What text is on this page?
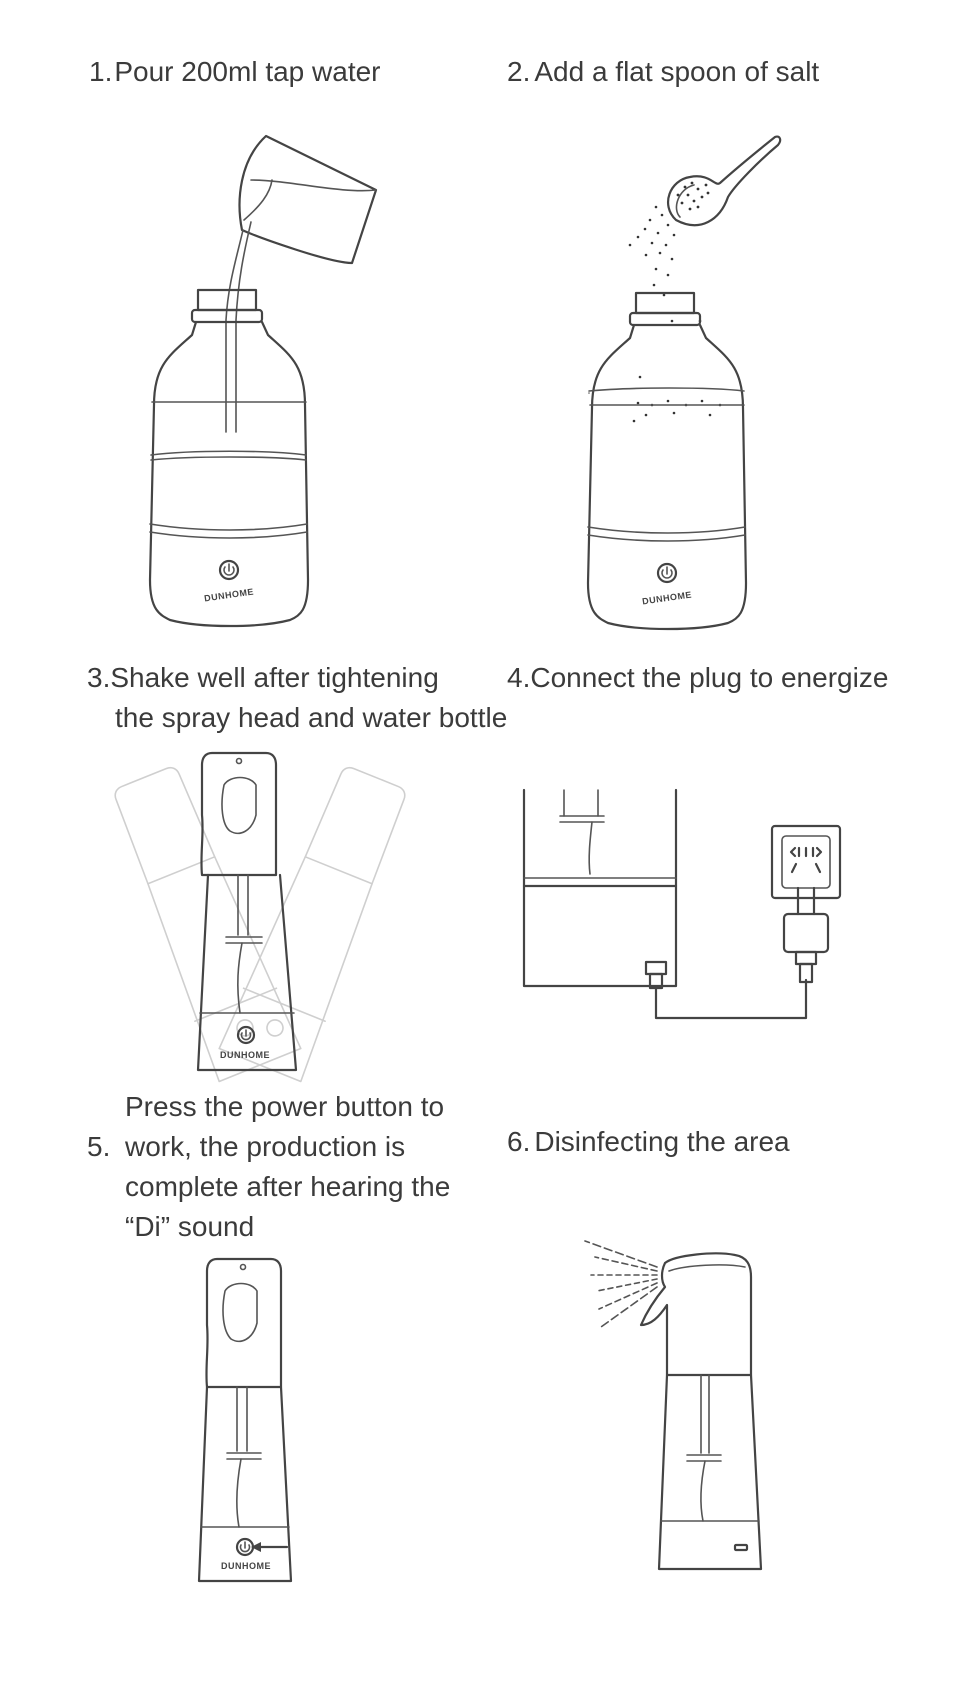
1.Pour 200ml tap water
DUNHOME
2. Add a flat spoon of salt
DUNHOME
3.Shake well after tightening
the spray head and water bottle
DUNHOME
4.Connect the plug to energize
5.
Press the power button to
work, the production is
complete after hearing the
“Di” sound
DUNHOME
6. Disinfecting the area
